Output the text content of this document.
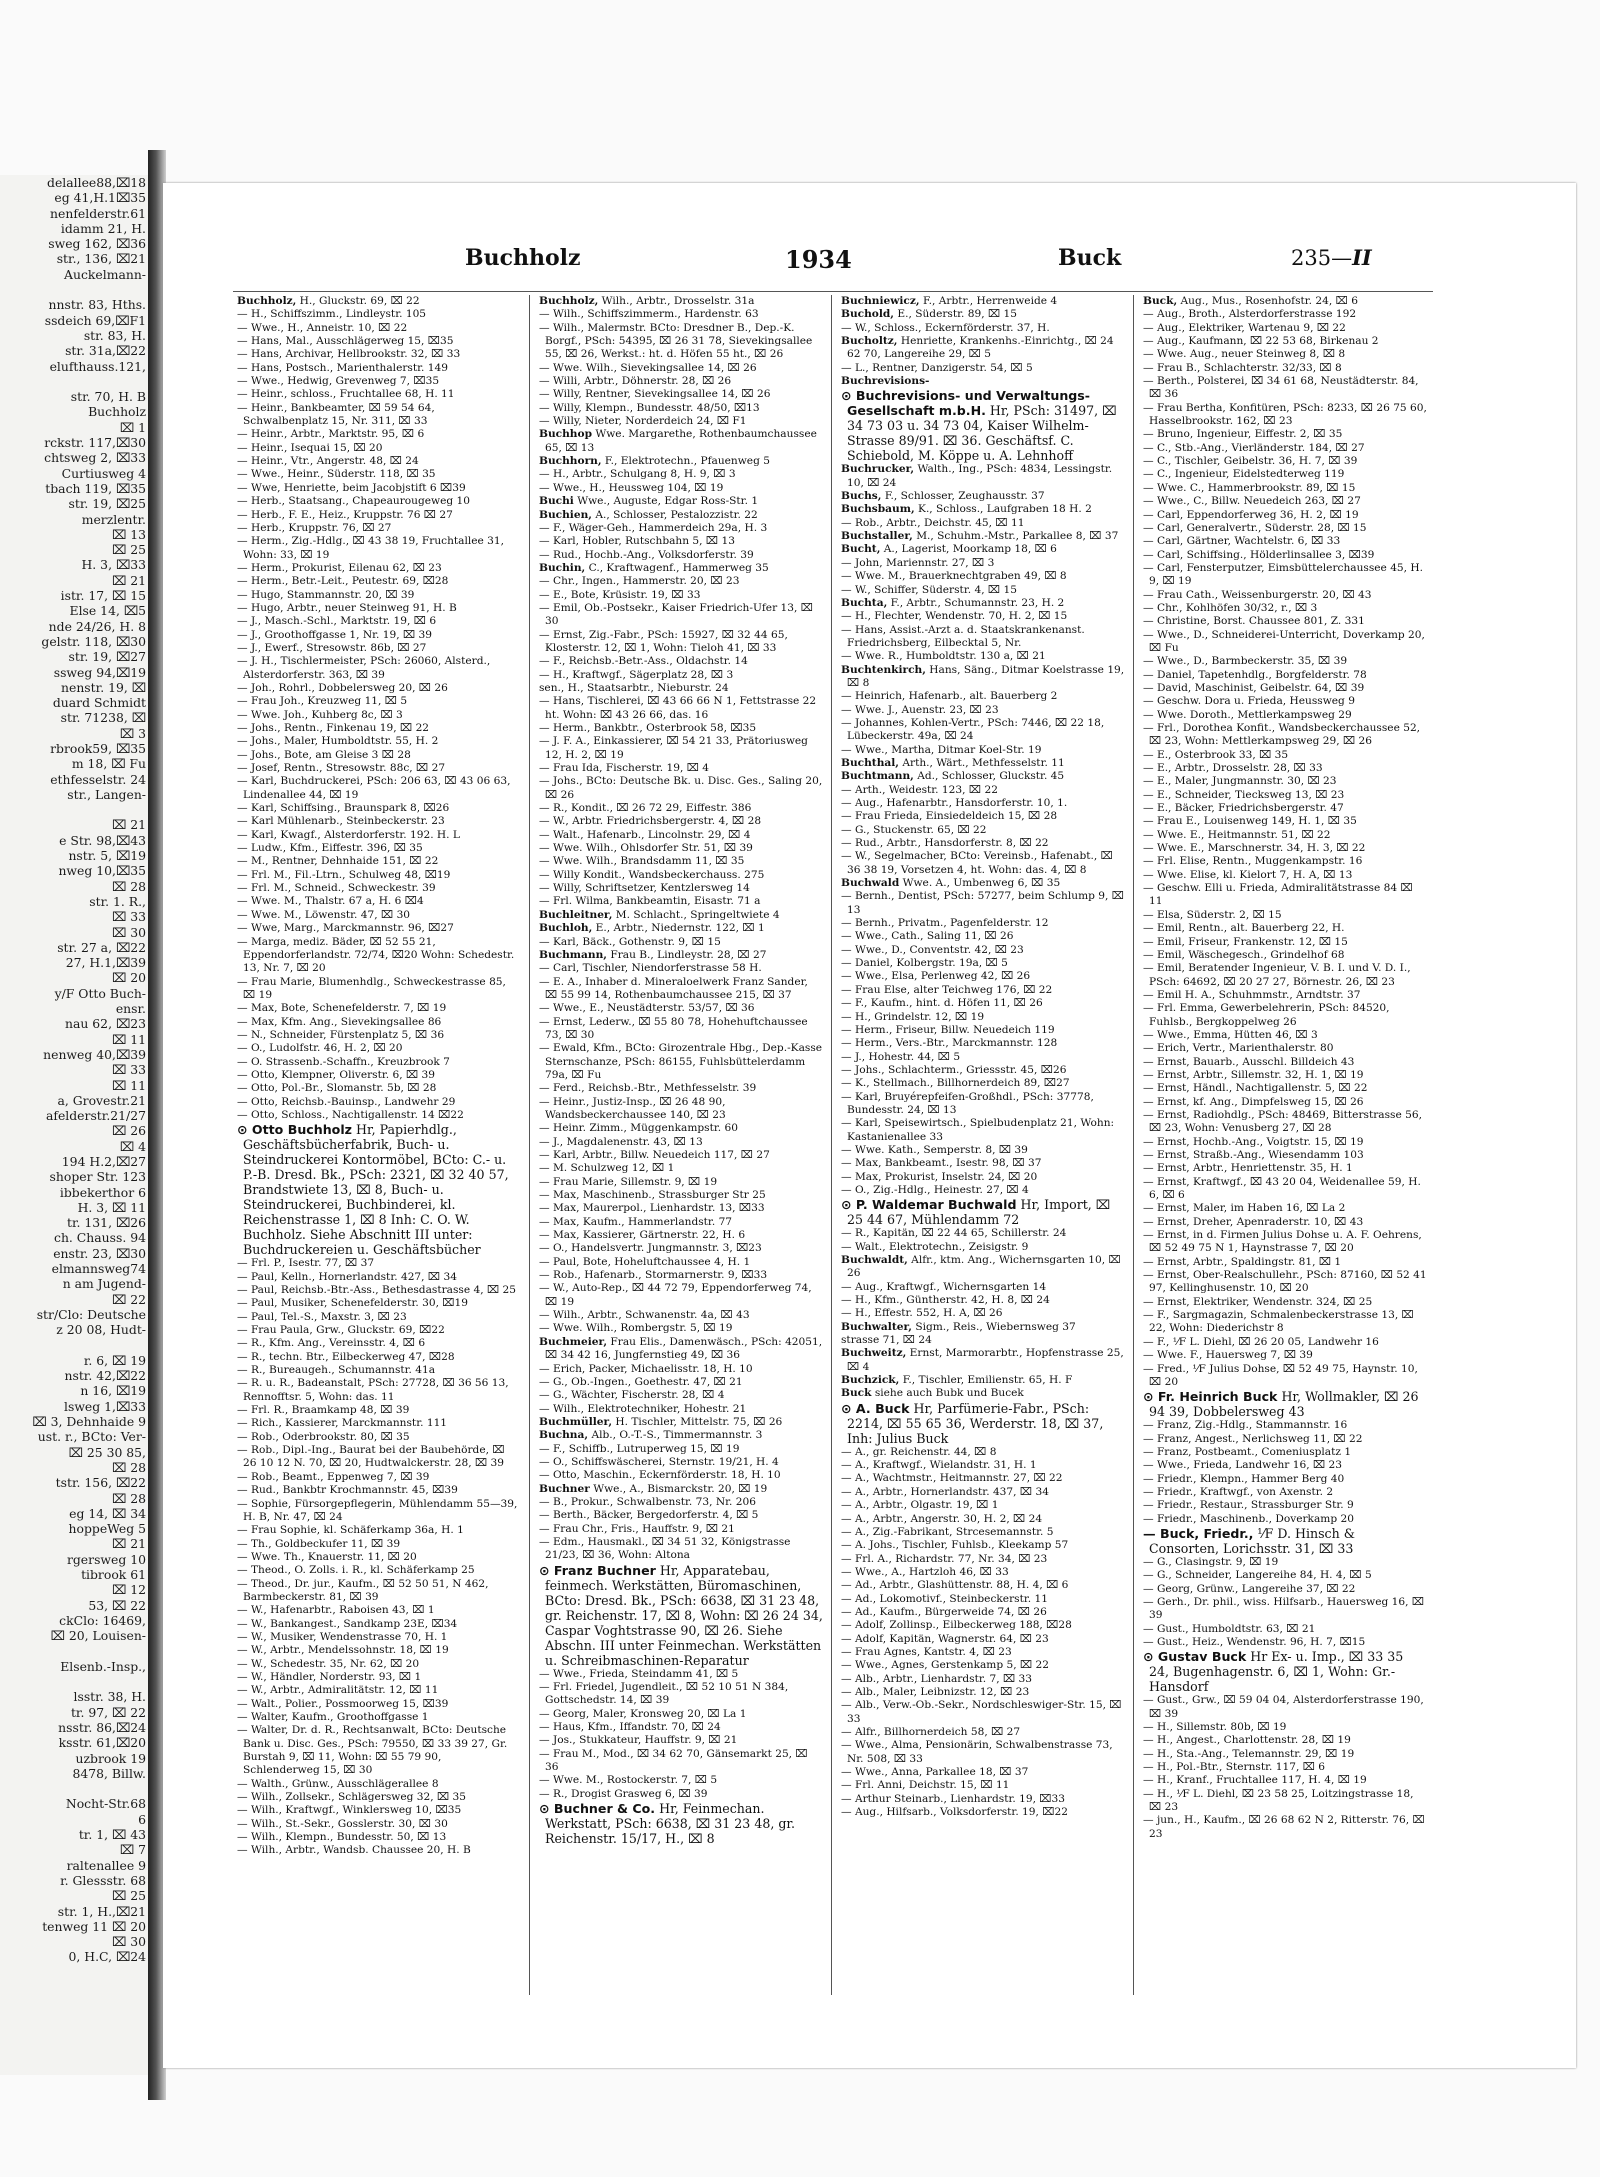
delallee88,⌧18
eg 41,H.1⌧35
nenfelderstr.61
idamm 21, H.
sweg 162, ⌧36
str., 136, ⌧21
Auckelmann-

nnstr. 83, Hths.
ssdeich 69,⌧F1
str. 83, H.
str. 31a,⌧22
elufthauss.121,

str. 70, H. B
Buchholz
⌧ 1
rckstr. 117,⌧30
chtsweg 2, ⌧33
Curtiusweg 4
tbach 119, ⌧35
str. 19, ⌧25
merzlentr.
⌧ 13
⌧ 25
H. 3, ⌧33
⌧ 21
istr. 17, ⌧ 15
Else 14, ⌧5
nde 24/26, H. 8
gelstr. 118, ⌧30
str. 19, ⌧27
ssweg 94,⌧19
nenstr. 19, ⌧
duard Schmidt
str. 71238, ⌧
⌧ 3
rbrook59, ⌧35
m 18, ⌧ Fu
ethfesselstr. 24
str., Langen-

⌧ 21
e Str. 98,⌧43
nstr. 5, ⌧19
nweg 10,⌧35
⌧ 28
str. 1. R.,
⌧ 33
⌧ 30
str. 27 a, ⌧22
27, H.1,⌧39
⌧ 20
y/F Otto Buch-
ensr.
nau 62, ⌧23
⌧ 11
nenweg 40,⌧39
⌧ 33
⌧ 11
a, Grovestr.21
afelderstr.21/27
⌧ 26
⌧ 4
194 H.2,⌧27
shoper Str. 123
ibbekerthor 6
H. 3, ⌧ 11
tr. 131, ⌧26
ch. Chauss. 94
enstr. 23, ⌧30
elmannsweg74
n am Jugend-
⌧ 22
str/Clo: Deutsche
z 20 08, Hudt-

r. 6, ⌧ 19
nstr. 42,⌧22
n 16, ⌧19
lsweg 1,⌧33
⌧ 3, Dehnhaide 9
ust. r., BCto: Ver-
⌧ 25 30 85,
⌧ 28
tstr. 156, ⌧22
⌧ 28
eg 14, ⌧ 34
hoppeWeg 5
⌧ 21
rgersweg 10
tibrook 61
⌧ 12
53, ⌧ 22
ckClo: 16469,
⌧ 20, Louisen-

Elsenb.-Insp.,

lsstr. 38, H.
tr. 97, ⌧ 22
nsstr. 86,⌧24
ksstr. 61,⌧20
uzbrook 19
8478, Billw.

Nocht-Str.68
6
tr. 1, ⌧ 43
⌧ 7
raltenallee 9
r. Glessstr. 68
⌧ 25
str. 1, H.,⌧21
tenweg 11 ⌧ 20
⌧ 30
0, H.C, ⌧24
Buchholz	1934	Buck	235—II

Buchholz, H., Gluckstr. 69, ⌧ 22

— H., Schiffszimm., Lindleystr. 105

— Wwe., H., Anneistr. 10, ⌧ 22

— Hans, Mal., Ausschlägerweg 15, ⌧35

— Hans, Archivar, Hellbrookstr. 32, ⌧ 33

— Hans, Postsch., Marienthalerstr. 149

— Wwe., Hedwig, Grevenweg 7, ⌧35

— Heinr., schloss., Fruchtallee 68, H. 11

— Heinr., Bankbeamter, ⌧ 59 54 64, Schwalbenplatz 15, Nr. 311, ⌧ 33

— Heinr., Arbtr., Marktstr. 95, ⌧ 6

— Heinr., Isequai 15, ⌧ 20

— Heinr., Vtr., Angerstr. 48, ⌧ 24

— Wwe., Heinr., Süderstr. 118, ⌧ 35

— Wwe, Henriette, beim Jacobjstift 6 ⌧39

— Herb., Staatsang., Chapeaurougeweg 10

— Herb., F. E., Heiz., Kruppstr. 76 ⌧ 27

— Herb., Kruppstr. 76, ⌧ 27

— Herm., Zig.-Hdlg., ⌧ 43 38 19, Fruchtallee 31, Wohn: 33, ⌧ 19

— Herm., Prokurist, Eilenau 62, ⌧ 23

— Herm., Betr.-Leit., Peutestr. 69, ⌧28

— Hugo, Stammannstr. 20, ⌧ 39

— Hugo, Arbtr., neuer Steinweg 91, H. B

— J., Masch.-Schl., Marktstr. 19, ⌧ 6

— J., Groothoffgasse 1, Nr. 19, ⌧ 39

— J., Ewerf., Stresowstr. 86b, ⌧ 27

— J. H., Tischlermeister, PSch: 26060, Alsterd., Alsterdorferstr. 363, ⌧ 39

— Joh., Rohrl., Dobbelersweg 20, ⌧ 26

— Frau Joh., Kreuzweg 11, ⌧ 5

— Wwe. Joh., Kuhberg 8c, ⌧ 3

— Johs., Rentn., Finkenau 19, ⌧ 22

— Johs., Maler, Humboldtstr. 55, H. 2

— Johs., Bote, am Gleise 3 ⌧ 28

— Josef, Rentn., Stresowstr. 88c, ⌧ 27

— Karl, Buchdruckerei, PSch: 206 63, ⌧ 43 06 63, Lindenallee 44, ⌧ 19

— Karl, Schiffsing., Braunspark 8, ⌧26

— Karl Mühlenarb., Steinbeckerstr. 23

— Karl, Kwagf., Alsterdorferstr. 192. H. L

— Ludw., Kfm., Eiffestr. 396, ⌧ 35

— M., Rentner, Dehnhaide 151, ⌧ 22

— Frl. M., Fil.-Ltrn., Schulweg 48, ⌧19

— Frl. M., Schneid., Schweckestr. 39

— Wwe. M., Thalstr. 67 a, H. 6 ⌧4

— Wwe. M., Löwenstr. 47, ⌧ 30

— Wwe, Marg., Marckmannstr. 96, ⌧27

— Marga, mediz. Bäder, ⌧ 52 55 21, Eppendorferlandstr. 72/74, ⌧20 Wohn: Schedestr. 13, Nr. 7, ⌧ 20

— Frau Marie, Blumenhdlg., Schweckestrasse 85, ⌧ 19

— Max, Bote, Schenefelderstr. 7, ⌧ 19

— Max, Kfm. Ang., Sievekingsallee 86

— N., Schneider, Fürstenplatz 5, ⌧ 36

— O., Ludolfstr. 46, H. 2, ⌧ 20

— O. Strassenb.-Schaffn., Kreuzbrook 7

— Otto, Klempner, Oliverstr. 6, ⌧ 39

— Otto, Pol.-Br., Slomanstr. 5b, ⌧ 28

— Otto, Reichsb.-Bauinsp., Landwehr 29

— Otto, Schloss., Nachtigallenstr. 14 ⌧22

⊙ Otto Buchholz Hr, Papierhdlg., Geschäftsbücherfabrik, Buch- u. Steindruckerei Kontormöbel, BCto: C.- u. P.-B. Dresd. Bk., PSch: 2321, ⌧ 32 40 57, Brandstwiete 13, ⌧ 8, Buch- u. Steindruckerei, Buchbinderei, kl. Reichenstrasse 1, ⌧ 8 Inh: C. O. W. Buchholz. Siehe Abschnitt III unter: Buchdruckereien u. Geschäftsbücher

— Frl. P., Isestr. 77, ⌧ 37

— Paul, Kelln., Hornerlandstr. 427, ⌧ 34

— Paul, Reichsb.-Btr.-Ass., Bethesdastrasse 4, ⌧ 25

— Paul, Musiker, Schenefelderstr. 30, ⌧19

— Paul, Tel.-S., Maxstr. 3, ⌧ 23

— Frau Paula, Grw., Gluckstr. 69, ⌧22

— R., Kfm. Ang., Vereinsstr. 4, ⌧ 6

— R., techn. Btr., Eilbeckerweg 47, ⌧28

— R., Bureaugeh., Schumannstr. 41a

— R. u. R., Badeanstalt, PSch: 27728, ⌧ 36 56 13, Rennofftsr. 5, Wohn: das. 11

— Frl. R., Braamkamp 48, ⌧ 39

— Rich., Kassierer, Marckmannstr. 111

— Rob., Oderbrookstr. 80, ⌧ 35

— Rob., Dipl.-Ing., Baurat bei der Baubehörde, ⌧ 26 10 12 N. 70, ⌧ 20, Hudtwalckerstr. 28, ⌧ 39

— Rob., Beamt., Eppenweg 7, ⌧ 39

— Rud., Bankbtr Krochmannstr. 45, ⌧39

— Sophie, Fürsorgepflegerin, Mühlendamm 55—39, H. B, Nr. 47, ⌧ 24

— Frau Sophie, kl. Schäferkamp 36a, H. 1

— Th., Goldbeckufer 11, ⌧ 39

— Wwe. Th., Knauerstr. 11, ⌧ 20

— Theod., O. Zolls. i. R., kl. Schäferkamp 25

— Theod., Dr. jur., Kaufm., ⌧ 52 50 51, N 462, Barmbeckerstr. 81, ⌧ 39

— W., Hafenarbtr., Raboisen 43, ⌧ 1

— W., Bankangest., Sandkamp 23E, ⌧34

— W., Musiker, Wendenstrasse 70, H. 1

— W., Arbtr., Mendelssohnstr. 18, ⌧ 19

— W., Schedestr. 35, Nr. 62, ⌧ 20

— W., Händler, Norderstr. 93, ⌧ 1

— W., Arbtr., Admiralitätstr. 12, ⌧ 11

— Walt., Polier., Possmoorweg 15, ⌧39

— Walter, Kaufm., Groothoffgasse 1

— Walter, Dr. d. R., Rechtsanwalt, BCto: Deutsche Bank u. Disc. Ges., PSch: 79550, ⌧ 33 39 27, Gr. Burstah 9, ⌧ 11, Wohn: ⌧ 55 79 90, Schlenderweg 15, ⌧ 30

— Walth., Grünw., Ausschlägerallee 8

— Wilh., Zollsekr., Schlägersweg 32, ⌧ 35

— Wilh., Kraftwgf., Winklersweg 10, ⌧35

— Wilh., St.-Sekr., Gosslerstr. 30, ⌧ 30

— Wilh., Klempn., Bundesstr. 50, ⌧ 13

— Wilh., Arbtr., Wandsb. Chaussee 20, H. B

Buchholz, Wilh., Arbtr., Drosselstr. 31a

— Wilh., Schiffszimmerm., Hardenstr. 63

— Wilh., Malermstr. BCto: Dresdner B., Dep.-K. Borgf., PSch: 54395, ⌧ 26 31 78, Sievekingsallee 55, ⌧ 26, Werkst.: ht. d. Höfen 55 ht., ⌧ 26

— Wwe. Wilh., Sievekingsallee 14, ⌧ 26

— Willi, Arbtr., Döhnerstr. 28, ⌧ 26

— Willy, Rentner, Sievekingsallee 14, ⌧ 26

— Willy, Klempn., Bundesstr. 48/50, ⌧13

— Willy, Nieter, Norderdeich 24, ⌧ F1

Buchhop Wwe. Margarethe, Rothenbaumchaussee 65, ⌧ 13

Buchhorn, F., Elektrotechn., Pfauenweg 5

— H., Arbtr., Schulgang 8, H. 9, ⌧ 3

— Wwe., H., Heussweg 104, ⌧ 19

Buchi Wwe., Auguste, Edgar Ross-Str. 1

Buchien, A., Schlosser, Pestalozzistr. 22

— F., Wäger-Geh., Hammerdeich 29a, H. 3

— Karl, Hobler, Rutschbahn 5, ⌧ 13

— Rud., Hochb.-Ang., Volksdorferstr. 39

Buchin, C., Kraftwagenf., Hammerweg 35

— Chr., Ingen., Hammerstr. 20, ⌧ 23

— E., Bote, Krüsistr. 19, ⌧ 33

— Emil, Ob.-Postsekr., Kaiser Friedrich-Ufer 13, ⌧ 30

— Ernst, Zig.-Fabr., PSch: 15927, ⌧ 32 44 65, Klosterstr. 12, ⌧ 1, Wohn: Tieloh 41, ⌧ 33

— F., Reichsb.-Betr.-Ass., Oldachstr. 14

— H., Kraftwgf., Sägerplatz 28, ⌧ 3

sen., H., Staatsarbtr., Nieburstr. 24

— Hans, Tischlerei, ⌧ 43 66 66 N 1, Fettstrasse 22 ht. Wohn: ⌧ 43 26 66, das. 16

— Herm., Bankbtr., Osterbrook 58, ⌧35

— J. F. A., Einkassierer, ⌧ 54 21 33, Prätoriusweg 12, H. 2, ⌧ 19

— Frau Ida, Fischerstr. 19, ⌧ 4

— Johs., BCto: Deutsche Bk. u. Disc. Ges., Saling 20, ⌧ 26

— R., Kondit., ⌧ 26 72 29, Eiffestr. 386

— W., Arbtr. Friedrichsbergerstr. 4, ⌧ 28

— Walt., Hafenarb., Lincolnstr. 29, ⌧ 4

— Wwe. Wilh., Ohlsdorfer Str. 51, ⌧ 39

— Wwe. Wilh., Brandsdamm 11, ⌧ 35

— Willy Kondit., Wandsbeckerchauss. 275

— Willy, Schriftsetzer, Kentzlersweg 14

— Frl. Wilma, Bankbeamtin, Eisastr. 71 a

Buchleitner, M. Schlacht., Springeltwiete 4

Buchloh, E., Arbtr., Niedernstr. 122, ⌧ 1

— Karl, Bäck., Gothenstr. 9, ⌧ 15

Buchmann, Frau B., Lindleystr. 28, ⌧ 27

— Carl, Tischler, Niendorferstrasse 58 H.

— E. A., Inhaber d. Mineraloelwerk Franz Sander, ⌧ 55 99 14, Rothenbaumchaussee 215, ⌧ 37

— Wwe., E., Neustädterstr. 53/57, ⌧ 36

— Ernst, Lederw., ⌧ 55 80 78, Hohehuftchaussee 73, ⌧ 30

— Ewald, Kfm., BCto: Girozentrale Hbg., Dep.-Kasse Sternschanze, PSch: 86155, Fuhlsbüttelerdamm 79a, ⌧ Fu

— Ferd., Reichsb.-Btr., Methfesselstr. 39

— Heinr., Justiz-Insp., ⌧ 26 48 90, Wandsbeckerchaussee 140, ⌧ 23

— Heinr. Zimm., Müggenkampstr. 60

— J., Magdalenenstr. 43, ⌧ 13

— Karl, Arbtr., Billw. Neuedeich 117, ⌧ 27

— M. Schulzweg 12, ⌧ 1

— Frau Marie, Sillemstr. 9, ⌧ 19

— Max, Maschinenb., Strassburger Str 25

— Max, Maurerpol., Lienhardstr. 13, ⌧33

— Max, Kaufm., Hammerlandstr. 77

— Max, Kassierer, Gärtnerstr. 22, H. 6

— O., Handelsvertr. Jungmannstr. 3, ⌧23

— Paul, Bote, Hoheluftchaussee 4, H. 1

— Rob., Hafenarb., Stormarnerstr. 9, ⌧33

— W., Auto-Rep., ⌧ 44 72 79, Eppendorferweg 74, ⌧ 19

— Wilh., Arbtr., Schwanenstr. 4a, ⌧ 43

— Wwe. Wilh., Rombergstr. 5, ⌧ 19

Buchmeier, Frau Elis., Damenwäsch., PSch: 42051, ⌧ 34 42 16, Jungfernstieg 49, ⌧ 36

— Erich, Packer, Michaelisstr. 18, H. 10

— G., Ob.-Ingen., Goethestr. 47, ⌧ 21

— G., Wächter, Fischerstr. 28, ⌧ 4

— Wilh., Elektrotechniker, Hohestr. 21

Buchmüller, H. Tischler, Mittelstr. 75, ⌧ 26

Buchna, Alb., O.-T.-S., Timmermannstr. 3

— F., Schiffb., Lutruperweg 15, ⌧ 19

— O., Schiffswäscherei, Sternstr. 19/21, H. 4

— Otto, Maschin., Eckernförderstr. 18, H. 10

Buchner Wwe., A., Bismarckstr. 20, ⌧ 19

— B., Prokur., Schwalbenstr. 73, Nr. 206

— Berth., Bäcker, Bergedorferstr. 4, ⌧ 5

— Frau Chr., Fris., Hauffstr. 9, ⌧ 21

— Edm., Hausmakl., ⌧ 34 51 32, Königstrasse 21/23, ⌧ 36, Wohn: Altona

⊙ Franz Buchner Hr, Apparatebau, feinmech. Werkstätten, Büromaschinen, BCto: Dresd. Bk., PSch: 6638, ⌧ 31 23 48, gr. Reichenstr. 17, ⌧ 8, Wohn: ⌧ 26 24 34, Caspar Voghtstrasse 90, ⌧ 26. Siehe Abschn. III unter Feinmechan. Werkstätten u. Schreibmaschinen-Reparatur

— Wwe., Frieda, Steindamm 41, ⌧ 5

— Frl. Friedel, Jugendleit., ⌧ 52 10 51 N 384, Gottschedstr. 14, ⌧ 39

— Georg, Maler, Kronsweg 20, ⌧ La 1

— Haus, Kfm., Iffandstr. 70, ⌧ 24

— Jos., Stukkateur, Hauffstr. 9, ⌧ 21

— Frau M., Mod., ⌧ 34 62 70, Gänsemarkt 25, ⌧ 36

— Wwe. M., Rostockerstr. 7, ⌧ 5

— R., Drogist Grasweg 6, ⌧ 39

⊙ Buchner & Co. Hr, Feinmechan. Werkstatt, PSch: 6638, ⌧ 31 23 48, gr. Reichenstr. 15/17, H., ⌧ 8

Buchniewicz, F., Arbtr., Herrenweide 4

Buchold, E., Süderstr. 89, ⌧ 15

— W., Schloss., Eckernförderstr. 37, H.

Bucholtz, Henriette, Krankenhs.-Einrichtg., ⌧ 24 62 70, Langereihe 29, ⌧ 5

— L., Rentner, Danzigerstr. 54, ⌧ 5

Buchrevisions-

⊙ Buchrevisions- und Verwaltungs-Gesellschaft m.b.H. Hr, PSch: 31497, ⌧ 34 73 03 u. 34 73 04, Kaiser Wilhelm-Strasse 89/91. ⌧ 36. Geschäftsf. C. Schiebold, M. Köppe u. A. Lehnhoff

Buchrucker, Walth., Ing., PSch: 4834, Lessingstr. 10, ⌧ 24

Buchs, F., Schlosser, Zeughausstr. 37

Buchsbaum, K., Schloss., Laufgraben 18 H. 2

— Rob., Arbtr., Deichstr. 45, ⌧ 11

Buchstaller, M., Schuhm.-Mstr., Parkallee 8, ⌧ 37

Bucht, A., Lagerist, Moorkamp 18, ⌧ 6

— John, Mariennstr. 27, ⌧ 3

— Wwe. M., Brauerknechtgraben 49, ⌧ 8

— W., Schiffer, Süderstr. 4, ⌧ 15

Buchta, F., Arbtr., Schumannstr. 23, H. 2

— H., Flechter, Wendenstr. 70, H. 2, ⌧ 15

— Hans, Assist.-Arzt a. d. Staatskrankenanst. Friedrichsberg, Eilbecktal 5, Nr.

— Wwe. R., Humboldtstr. 130 a, ⌧ 21

Buchtenkirch, Hans, Säng., Ditmar Koelstrasse 19, ⌧ 8

— Heinrich, Hafenarb., alt. Bauerberg 2

— Wwe. J., Auenstr. 23, ⌧ 23

— Johannes, Kohlen-Vertr., PSch: 7446, ⌧ 22 18, Lübeckerstr. 49a, ⌧ 24

— Wwe., Martha, Ditmar Koel-Str. 19

Buchthal, Arth., Wärt., Methfesselstr. 11

Buchtmann, Ad., Schlosser, Gluckstr. 45

— Arth., Weidestr. 123, ⌧ 22

— Aug., Hafenarbtr., Hansdorferstr. 10, 1.

— Frau Frieda, Einsiedeldeich 15, ⌧ 28

— G., Stuckenstr. 65, ⌧ 22

— Rud., Arbtr., Hansdorferstr. 8, ⌧ 22

— W., Segelmacher, BCto: Vereinsb., Hafenabt., ⌧ 36 38 19, Vorsetzen 4, ht. Wohn: das. 4, ⌧ 8

Buchwald Wwe. A., Umbenweg 6, ⌧ 35

— Bernh., Dentist, PSch: 57277, beim Schlump 9, ⌧ 13

— Bernh., Privatm., Pagenfelderstr. 12

— Wwe., Cath., Saling 11, ⌧ 26

— Wwe., D., Conventstr. 42, ⌧ 23

— Daniel, Kolbergstr. 19a, ⌧ 5

— Wwe., Elsa, Perlenweg 42, ⌧ 26

— Frau Else, alter Teichweg 176, ⌧ 22

— F., Kaufm., hint. d. Höfen 11, ⌧ 26

— H., Grindelstr. 12, ⌧ 19

— Herm., Friseur, Billw. Neuedeich 119

— Herm., Vers.-Btr., Marckmannstr. 128

— J., Hohestr. 44, ⌧ 5

— Johs., Schlachterm., Griessstr. 45, ⌧26

— K., Stellmach., Billhornerdeich 89, ⌧27

— Karl, Bruyérepfeifen-Großhdl., PSch: 37778, Bundesstr. 24, ⌧ 13

— Karl, Speisewirtsch., Spielbudenplatz 21, Wohn: Kastanienallee 33

— Wwe. Kath., Semperstr. 8, ⌧ 39

— Max, Bankbeamt., Isestr. 98, ⌧ 37

— Max, Prokurist, Inselstr. 24, ⌧ 20

— O., Zig.-Hdlg., Heinestr. 27, ⌧ 4

⊙ P. Waldemar Buchwald Hr, Import, ⌧ 25 44 67, Mühlendamm 72

— R., Kapitän, ⌧ 22 44 65, Schillerstr. 24

— Walt., Elektrotechn., Zeisigstr. 9

Buchwaldt, Alfr., ktm. Ang., Wichernsgarten 10, ⌧ 26

— Aug., Kraftwgf., Wichernsgarten 14

— H., Kfm., Güntherstr. 42, H. 8, ⌧ 24

— H., Effestr. 552, H. A, ⌧ 26

Buchwalter, Sigm., Reis., Wiebernsweg 37

strasse 71, ⌧ 24

Buchweitz, Ernst, Marmorarbtr., Hopfenstrasse 25, ⌧ 4

Buchzick, F., Tischler, Emilienstr. 65, H. F

Buck siehe auch Bubk und Bucek

⊙ A. Buck Hr, Parfümerie-Fabr., PSch: 2214, ⌧ 55 65 36, Werderstr. 18, ⌧ 37, Inh: Julius Buck

— A., gr. Reichenstr. 44, ⌧ 8

— A., Kraftwgf., Wielandstr. 31, H. 1

— A., Wachtmstr., Heitmannstr. 27, ⌧ 22

— A., Arbtr., Hornerlandstr. 437, ⌧ 34

— A., Arbtr., Olgastr. 19, ⌧ 1

— A., Arbtr., Angerstr. 30, H. 2, ⌧ 24

— A., Zig.-Fabrikant, Strcesemannstr. 5

— A. Johs., Tischler, Fuhlsb., Kleekamp 57

— Frl. A., Richardstr. 77, Nr. 34, ⌧ 23

— Wwe., A., Hartzloh 46, ⌧ 33

— Ad., Arbtr., Glashüttenstr. 88, H. 4, ⌧ 6

— Ad., Lokomotivf., Steinbeckerstr. 11

— Ad., Kaufm., Bürgerweide 74, ⌧ 26

— Adolf, Zollinsp., Eilbeckerweg 188, ⌧28

— Adolf, Kapitän, Wagnerstr. 64, ⌧ 23

— Frau Agnes, Kantstr. 4, ⌧ 23

— Wwe., Agnes, Gerstenkamp 5, ⌧ 22

— Alb., Arbtr., Lienhardstr. 7, ⌧ 33

— Alb., Maler, Leibnizstr. 12, ⌧ 23

— Alb., Verw.-Ob.-Sekr., Nordschleswiger-Str. 15, ⌧ 33

— Alfr., Billhornerdeich 58, ⌧ 27

— Wwe., Alma, Pensionärin, Schwalbenstrasse 73, Nr. 508, ⌧ 33

— Wwe., Anna, Parkallee 18, ⌧ 37

— Frl. Anni, Deichstr. 15, ⌧ 11

— Arthur Steinarb., Lienhardstr. 19, ⌧33

— Aug., Hilfsarb., Volksdorferstr. 19, ⌧22

Buck, Aug., Mus., Rosenhofstr. 24, ⌧ 6

— Aug., Broth., Alsterdorferstrasse 192

— Aug., Elektriker, Wartenau 9, ⌧ 22

— Aug., Kaufmann, ⌧ 22 53 68, Birkenau 2

— Wwe. Aug., neuer Steinweg 8, ⌧ 8

— Frau B., Schlachterstr. 32/33, ⌧ 8

— Berth., Polsterei, ⌧ 34 61 68, Neustädterstr. 84, ⌧ 36

— Frau Bertha, Konfitüren, PSch: 8233, ⌧ 26 75 60, Hasselbrookstr. 162, ⌧ 23

— Bruno, Ingenieur, Eiffestr. 2, ⌧ 35

— C., Stb.-Ang., Vierländerstr. 184, ⌧ 27

— C., Tischler, Geibelstr. 36, H. 7, ⌧ 39

— C., Ingenieur, Eidelstedterweg 119

— Wwe. C., Hammerbrookstr. 89, ⌧ 15

— Wwe., C., Billw. Neuedeich 263, ⌧ 27

— Carl, Eppendorferweg 36, H. 2, ⌧ 19

— Carl, Generalvertr., Süderstr. 28, ⌧ 15

— Carl, Gärtner, Wachtelstr. 6, ⌧ 33

— Carl, Schiffsing., Hölderlinsallee 3, ⌧39

— Carl, Fensterputzer, Eimsbüttelerchaussee 45, H. 9, ⌧ 19

— Frau Cath., Weissenburgerstr. 20, ⌧ 43

— Chr., Kohlhöfen 30/32, r., ⌧ 3

— Christine, Borst. Chaussee 801, Z. 331

— Wwe., D., Schneiderei-Unterricht, Doverkamp 20, ⌧ Fu

— Wwe., D., Barmbeckerstr. 35, ⌧ 39

— Daniel, Tapetenhdlg., Borgfelderstr. 78

— David, Maschinist, Geibelstr. 64, ⌧ 39

— Geschw. Dora u. Frieda, Heussweg 9

— Wwe. Doroth., Mettlerkampsweg 29

— Frl., Dorothea Konfit., Wandsbeckerchaussee 52, ⌧ 23, Wohn: Mettlerkampsweg 29, ⌧ 26

— E., Osterbrook 33, ⌧ 35

— E., Arbtr., Drosselstr. 28, ⌧ 33

— E., Maler, Jungmannstr. 30, ⌧ 23

— E., Schneider, Tiecksweg 13, ⌧ 23

— E., Bäcker, Friedrichsbergerstr. 47

— Frau E., Louisenweg 149, H. 1, ⌧ 35

— Wwe. E., Heitmannstr. 51, ⌧ 22

— Wwe. E., Marschnerstr. 34, H. 3, ⌧ 22

— Frl. Elise, Rentn., Muggenkampstr. 16

— Wwe. Elise, kl. Kielort 7, H. A, ⌧ 13

— Geschw. Elli u. Frieda, Admiralitätstrasse 84 ⌧ 11

— Elsa, Süderstr. 2, ⌧ 15

— Emil, Rentn., alt. Bauerberg 22, H.

— Emil, Friseur, Frankenstr. 12, ⌧ 15

— Emil, Wäschegesch., Grindelhof 68

— Emil, Beratender Ingenieur, V. B. I. und V. D. I., PSch: 64692, ⌧ 20 27 27, Börnestr. 26, ⌧ 23

— Emil H. A., Schuhmmstr., Arndtstr. 37

— Frl. Emma, Gewerbelehrerin, PSch: 84520, Fuhlsb., Bergkoppelweg 26

— Wwe., Emma, Hütten 46, ⌧ 3

— Erich, Vertr., Marienthalerstr. 80

— Ernst, Bauarb., Ausschl. Billdeich 43

— Ernst, Arbtr., Sillemstr. 32, H. 1, ⌧ 19

— Ernst, Händl., Nachtigallenstr. 5, ⌧ 22

— Ernst, kf. Ang., Dimpfelsweg 15, ⌧ 26

— Ernst, Radiohdlg., PSch: 48469, Bitterstrasse 56, ⌧ 23, Wohn: Venusberg 27, ⌧ 28

— Ernst, Hochb.-Ang., Voigtstr. 15, ⌧ 19

— Ernst, Straßb.-Ang., Wiesendamm 103

— Ernst, Arbtr., Henriettenstr. 35, H. 1

— Ernst, Kraftwgf., ⌧ 43 20 04, Weidenallee 59, H. 6, ⌧ 6

— Ernst, Maler, im Haben 16, ⌧ La 2

— Ernst, Dreher, Apenraderstr. 10, ⌧ 43

— Ernst, in d. Firmen Julius Dohse u. A. F. Oehrens, ⌧ 52 49 75 N 1, Haynstrasse 7, ⌧ 20

— Ernst, Arbtr., Spaldingstr. 81, ⌧ 1

— Ernst, Ober-Realschullehr., PSch: 87160, ⌧ 52 41 97, Kellinghusenstr. 10, ⌧ 20

— Ernst, Elektriker, Wendenstr. 324, ⌧ 25

— F., Sargmagazin, Schmalenbeckerstrasse 13, ⌧ 22, Wohn: Diederichstr 8

— F., ⅟F L. Diehl, ⌧ 26 20 05, Landwehr 16

— Wwe. F., Hauersweg 7, ⌧ 39

— Fred., ⅟F Julius Dohse, ⌧ 52 49 75, Haynstr. 10, ⌧ 20

⊙ Fr. Heinrich Buck Hr, Wollmakler, ⌧ 26 94 39, Dobbelersweg 43

— Franz, Zig.-Hdlg., Stammannstr. 16

— Franz, Angest., Nerlichsweg 11, ⌧ 22

— Franz, Postbeamt., Comeniusplatz 1

— Wwe., Frieda, Landwehr 16, ⌧ 23

— Friedr., Klempn., Hammer Berg 40

— Friedr., Kraftwgf., von Axenstr. 2

— Friedr., Restaur., Strassburger Str. 9

— Friedr., Maschinenb., Doverkamp 20

— Buck, Friedr., ⅟F D. Hinsch & Consorten, Lorichsstr. 31, ⌧ 33

— G., Clasingstr. 9, ⌧ 19

— G., Schneider, Langereihe 84, H. 4, ⌧ 5

— Georg, Grünw., Langereihe 37, ⌧ 22

— Gerh., Dr. phil., wiss. Hilfsarb., Hauersweg 16, ⌧ 39

— Gust., Humboldtstr. 63, ⌧ 21

— Gust., Heiz., Wendenstr. 96, H. 7, ⌧15

⊙ Gustav Buck Hr Ex- u. Imp., ⌧ 33 35 24, Bugenhagenstr. 6, ⌧ 1, Wohn: Gr.-Hansdorf

— Gust., Grw., ⌧ 59 04 04, Alsterdorferstrasse 190, ⌧ 39

— H., Sillemstr. 80b, ⌧ 19

— H., Angest., Charlottenstr. 28, ⌧ 19

— H., Sta.-Ang., Telemannstr. 29, ⌧ 19

— H., Pol.-Btr., Sternstr. 117, ⌧ 6

— H., Kranf., Fruchtallee 117, H. 4, ⌧ 19

— H., ⅟F L. Diehl, ⌧ 23 58 25, Loitzingstrasse 18, ⌧ 23

— jun., H., Kaufm., ⌧ 26 68 62 N 2, Ritterstr. 76, ⌧ 23
